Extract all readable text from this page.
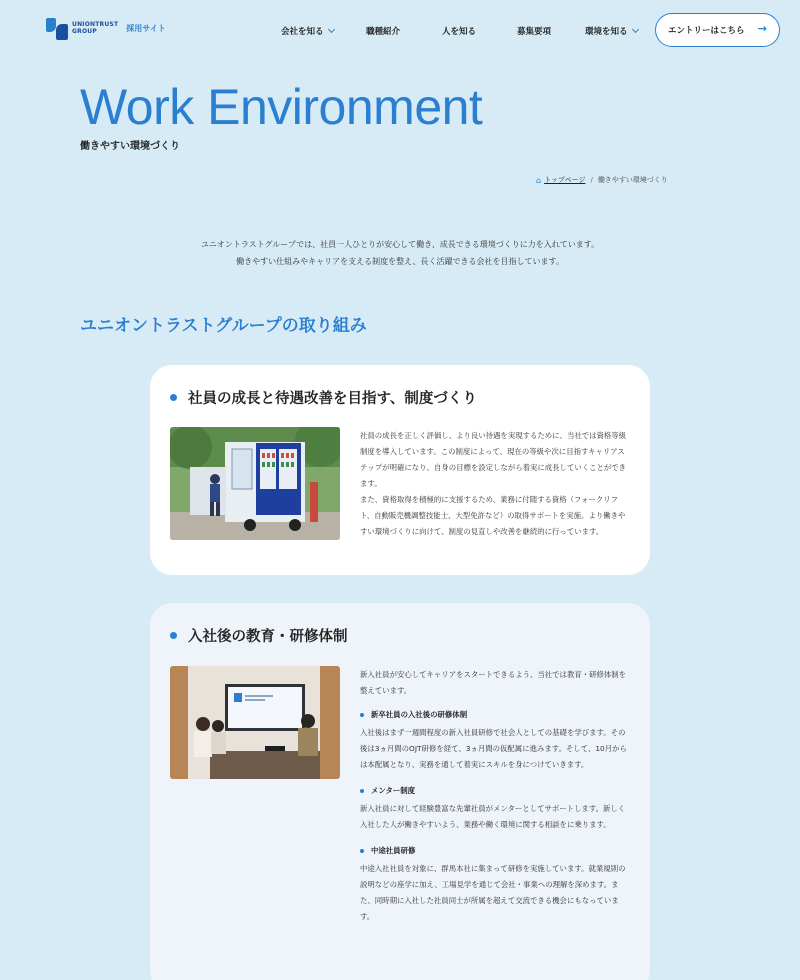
UNIONTRUST
GROUP	採用サイト	会社を知る	職種紹介	人を知る	募集要項	環境を知る	エントリーはこちら →
Work Environment
働きやすい環境づくり
⌂ トップページ / 働きやすい環境づくり
ユニオントラストグループでは、社員一人ひとりが安心して働き、成長できる環境づくりに力を入れています。
働きやすい仕組みやキャリアを支える制度を整え、長く活躍できる会社を目指しています。
ユニオントラストグループの取り組み
社員の成長と待遇改善を目指す、制度づくり

社員の成長を正しく評価し、より良い待遇を実現するために、当社では資格等級制度を導入しています。この制度によって、現在の等級や次に目指すキャリアステップが明確になり、自身の目標を設定しながら着実に成長していくことができます。

また、資格取得を積極的に支援するため、業務に付随する資格（フォークリフト、自動販売機調整技能士、大型免許など）の取得サポートを実施。より働きやすい環境づくりに向けて、制度の見直しや改善を継続的に行っています。

入社後の教育・研修体制

新入社員が安心してキャリアをスタートできるよう、当社では教育・研修体制を整えています。

新卒社員の入社後の研修体制

入社後はまず一週間程度の新入社員研修で社会人としての基礎を学びます。その後は3ヵ月間のOJT研修を経て、3ヵ月間の仮配属に進みます。そして、10月からは本配属となり、実務を通して着実にスキルを身につけていきます。

メンター制度

新入社員に対して経験豊富な先輩社員がメンターとしてサポートします。新しく入社した人が働きやすいよう、業務や働く環境に関する相談をに乗ります。

中途社員研修

中途入社社員を対象に、群馬本社に集まって研修を実施しています。就業規則の説明などの座学に加え、工場見学を通じて会社・事業への理解を深めます。また、同時期に入社した社員同士が所属を超えて交流できる機会にもなっています。
